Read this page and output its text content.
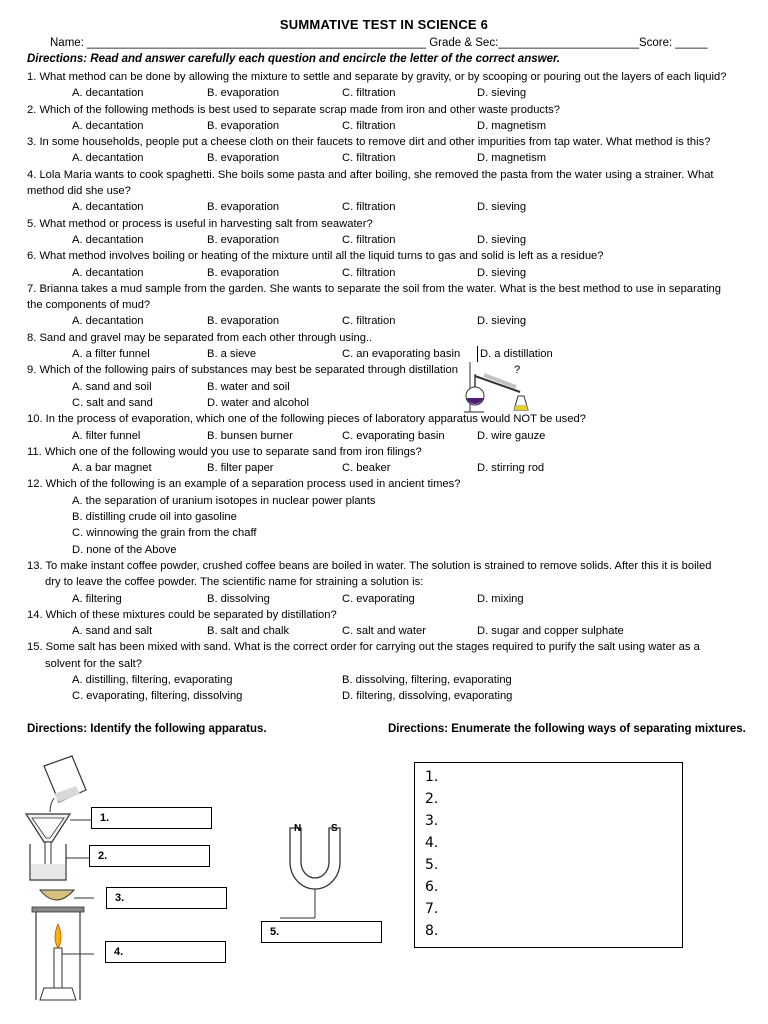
SUMMATIVE TEST IN SCIENCE 6
Name: _____________________________________________________ Grade & Sec:______________________Score: _____
Directions: Read and answer carefully each question and encircle the letter of the correct answer.
1. What method can be done by allowing the mixture to settle and separate by gravity, or by scooping or pouring out the layers of each liquid?
A. decantation	B. evaporation	C. filtration	D. sieving
2. Which of the following methods is best used to separate scrap made from iron and other waste products?
A. decantation	B. evaporation	C. filtration	D. magnetism
3. In some households, people put a cheese cloth on their faucets to remove dirt and other impurities from tap water. What method is this?
A. decantation	B. evaporation	C. filtration	D. magnetism
4. Lola Maria wants to cook spaghetti. She boils some pasta and after boiling, she removed the pasta from the water using a strainer. What
method did she use?
A. decantation	B. evaporation	C. filtration	D. sieving
5. What method or process is useful in harvesting salt from seawater?
A. decantation	B. evaporation	C. filtration	D. sieving
6. What method involves boiling or heating of the mixture until all the liquid turns to gas and solid is left as a residue?
A. decantation	B. evaporation	C. filtration	D. sieving
7. Brianna takes a mud sample from the garden. She wants to separate the soil from the water. What is the best method to use in separating
the components of mud?
A. decantation	B. evaporation	C. filtration	D. sieving
8. Sand and gravel may be separated from each other through using..
A. a filter funnel	B. a sieve	C. an evaporating basin	D. a distillation
9. Which of the following pairs of substances may best be separated through distillation	?
A. sand and soil	B. water and soil
C. salt and sand	D. water and alcohol
10. In the process of evaporation, which one of the following pieces of laboratory apparatus would NOT be used?
A. filter funnel	B. bunsen burner	C. evaporating basin	D. wire gauze
11. Which one of the following would you use to separate sand from iron filings?
A. a bar magnet	B. filter paper	C. beaker	D. stirring rod
12. Which of the following is an example of a separation process used in ancient times?
A. the separation of uranium isotopes in nuclear power plants
B. distilling crude oil into gasoline
C. winnowing the grain from the chaff
D. none of the Above
13. To make instant coffee powder, crushed coffee beans are boiled in water. The solution is strained to remove solids. After this it is boiled
dry to leave the coffee powder. The scientific name for straining a solution is:
A. filtering	B. dissolving	C. evaporating	D. mixing
14. Which of these mixtures could be separated by distillation?
A. sand and salt	B. salt and chalk	C. salt and water	D. sugar and copper sulphate
15. Some salt has been mixed with sand. What is the correct order for carrying out the stages required to purify the salt using water as a
solvent for the salt?
A. distilling, filtering, evaporating	B. dissolving, filtering, evaporating
C. evaporating, filtering, dissolving	D. filtering, dissolving, evaporating
Directions: Identify the following apparatus.	Directions: Enumerate the following ways of separating mixtures.
N	S
1.
2.
3.
4.
5.
1.
2.
3.
4.
5.
6.
7.
8.
